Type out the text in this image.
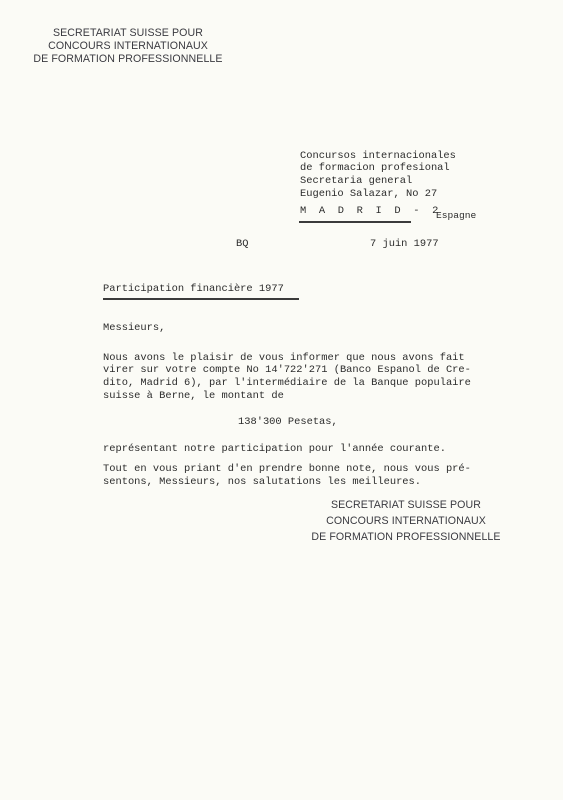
SECRETARIAT SUISSE POUR
CONCOURS INTERNATIONAUX
DE FORMATION PROFESSIONNELLE
Concursos internacionales
de formacion profesional
Secretaria general
Eugenio Salazar, No 27
M A D R I D - 2
Espagne
BQ	7 juin 1977
Participation financière 1977
Messieurs,
Nous avons le plaisir de vous informer que nous avons fait
virer sur votre compte No 14'722'271 (Banco Espanol de Cre-
dito, Madrid 6), par l'intermédiaire de la Banque populaire
suisse à Berne, le montant de
138'300 Pesetas,
représentant notre participation pour l'année courante.
Tout en vous priant d'en prendre bonne note, nous vous pré-
sentons, Messieurs, nos salutations les meilleures.
SECRETARIAT SUISSE POUR
CONCOURS INTERNATIONAUX
DE FORMATION PROFESSIONNELLE
